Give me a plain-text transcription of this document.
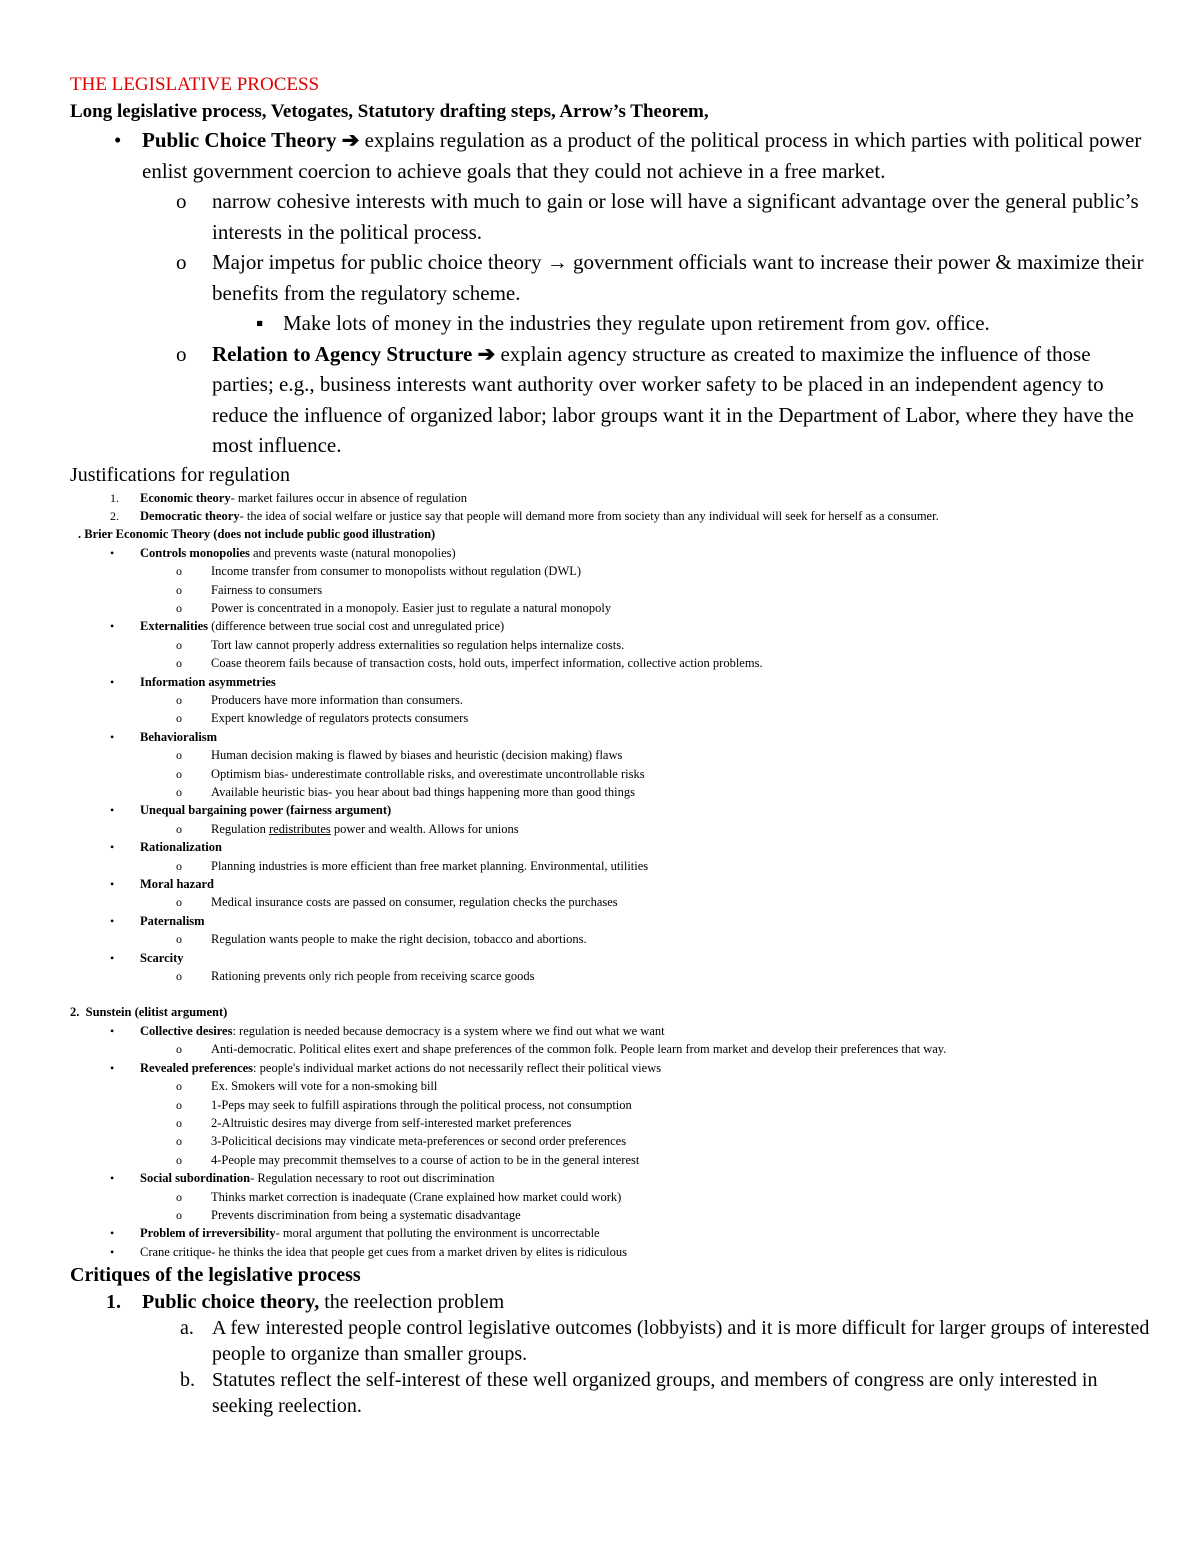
THE LEGISLATIVE PROCESS

Long legislative process, Vetogates, Statutory drafting steps, Arrow’s Theorem,

• Public Choice Theory ➔ explains regulation as a product of the political process in which parties with political power enlist government coercion to achieve goals that they could not achieve in a free market.
o narrow cohesive interests with much to gain or lose will have a significant advantage over the general public’s interests in the political process.
o Major impetus for public choice theory → government officials want to increase their power & maximize their benefits from the regulatory scheme.
▪ Make lots of money in the industries they regulate upon retirement from gov. office.
o Relation to Agency Structure ➔ explain agency structure as created to maximize the influence of those parties; e.g., business interests want authority over worker safety to be placed in an independent agency to reduce the influence of organized labor; labor groups want it in the Department of Labor, where they have the most influence.

Justifications for regulation

1. Economic theory- market failures occur in absence of regulation
2. Democratic theory- the idea of social welfare or justice say that people will demand more from society than any individual will seek for herself as a consumer.
. Brier Economic Theory (does not include public good illustration)
• Controls monopolies and prevents waste (natural monopolies)
o Income transfer from consumer to monopolists without regulation (DWL)
o Fairness to consumers
o Power is concentrated in a monopoly. Easier just to regulate a natural monopoly
• Externalities (difference between true social cost and unregulated price)
o Tort law cannot properly address externalities so regulation helps internalize costs.
o Coase theorem fails because of transaction costs, hold outs, imperfect information, collective action problems.
• Information asymmetries
o Producers have more information than consumers.
o Expert knowledge of regulators protects consumers
• Behavioralism
o Human decision making is flawed by biases and heuristic (decision making) flaws
o Optimism bias- underestimate controllable risks, and overestimate uncontrollable risks
o Available heuristic bias- you hear about bad things happening more than good things
• Unequal bargaining power (fairness argument)
o Regulation redistributes power and wealth. Allows for unions
• Rationalization
o Planning industries is more efficient than free market planning. Environmental, utilities
• Moral hazard
o Medical insurance costs are passed on consumer, regulation checks the purchases
• Paternalism
o Regulation wants people to make the right decision, tobacco and abortions.
• Scarcity
o Rationing prevents only rich people from receiving scarce goods
2. Sunstein (elitist argument)
• Collective desires: regulation is needed because democracy is a system where we find out what we want
o Anti-democratic. Political elites exert and shape preferences of the common folk. People learn from market and develop their preferences that way.
• Revealed preferences: people's individual market actions do not necessarily reflect their political views
o Ex. Smokers will vote for a non-smoking bill
o 1-Peps may seek to fulfill aspirations through the political process, not consumption
o 2-Altruistic desires may diverge from self-interested market preferences
o 3-Policitical decisions may vindicate meta-preferences or second order preferences
o 4-People may precommit themselves to a course of action to be in the general interest
• Social subordination- Regulation necessary to root out discrimination
o Thinks market correction is inadequate (Crane explained how market could work)
o Prevents discrimination from being a systematic disadvantage
• Problem of irreversibility- moral argument that polluting the environment is uncorrectable
• Crane critique- he thinks the idea that people get cues from a market driven by elites is ridiculous

Critiques of the legislative process

1. Public choice theory, the reelection problem
a. A few interested people control legislative outcomes (lobbyists) and it is more difficult for larger groups of interested people to organize than smaller groups.
b. Statutes reflect the self-interest of these well organized groups, and members of congress are only interested in seeking reelection.
